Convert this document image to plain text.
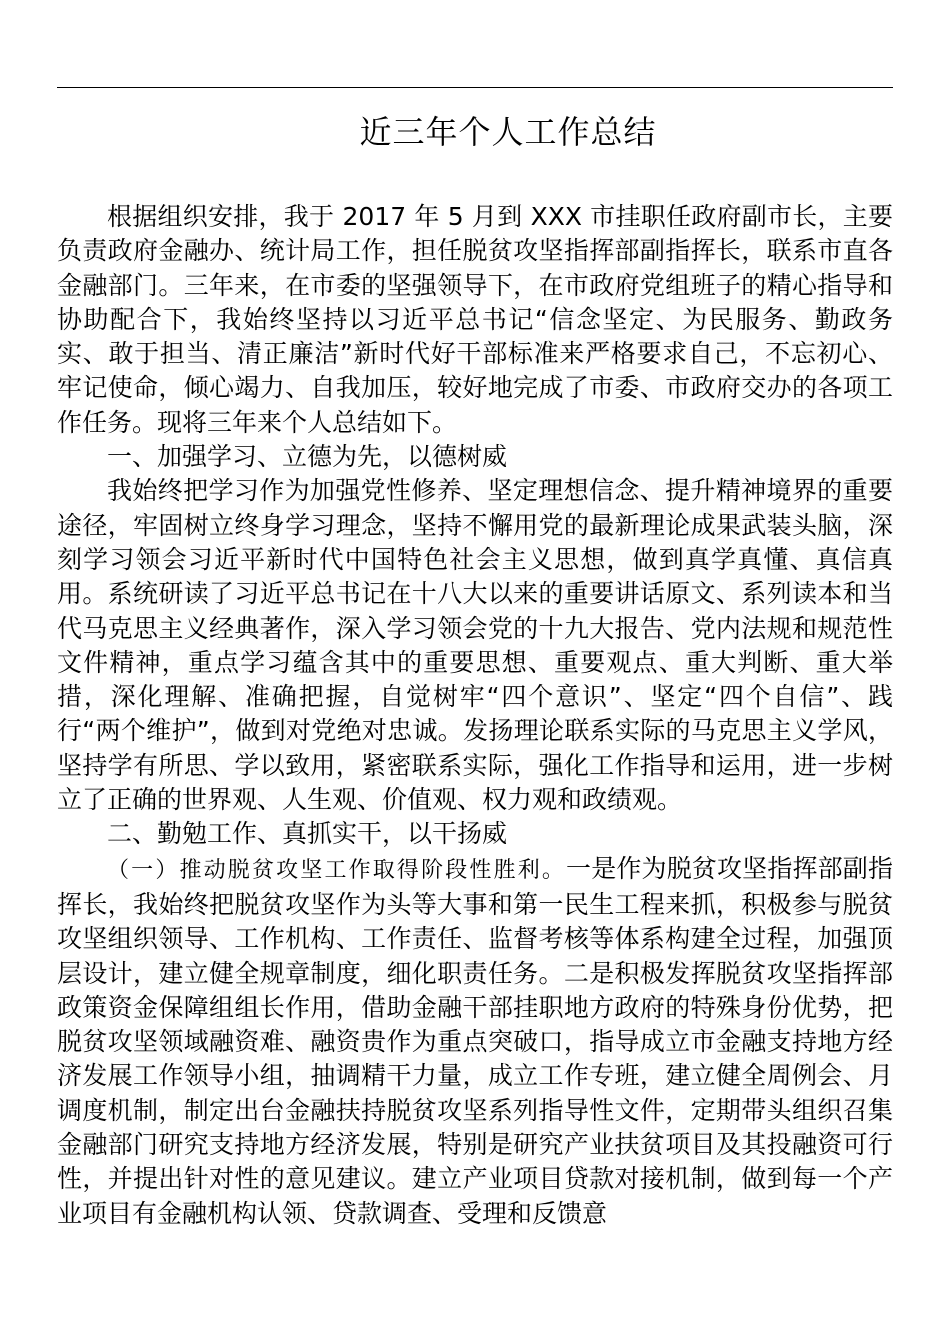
近三年个人工作总结

根据组织安排，我于 2017 年 5 月到 XXX 市挂职任政府副市长，主要负责政府金融办、统计局工作，担任脱贫攻坚指挥部副指挥长，联系市直各金融部门。三年来，在市委的坚强领导下，在市政府党组班子的精心指导和协助配合下，我始终坚持以习近平总书记“信念坚定、为民服务、勤政务实、敢于担当、清正廉洁”新时代好干部标准来严格要求自己，不忘初心、牢记使命，倾心竭力、自我加压，较好地完成了市委、市政府交办的各项工作任务。现将三年来个人总结如下。

一、加强学习、立德为先，以德树威

我始终把学习作为加强党性修养、坚定理想信念、提升精神境界的重要途径，牢固树立终身学习理念，坚持不懈用党的最新理论成果武装头脑，深刻学习领会习近平新时代中国特色社会主义思想，做到真学真懂、真信真用。系统研读了习近平总书记在十八大以来的重要讲话原文、系列读本和当代马克思主义经典著作，深入学习领会党的十九大报告、党内法规和规范性文件精神，重点学习蕴含其中的重要思想、重要观点、重大判断、重大举措，深化理解、准确把握，自觉树牢“四个意识”、坚定“四个自信”、践行“两个维护”，做到对党绝对忠诚。发扬理论联系实际的马克思主义学风，坚持学有所思、学以致用，紧密联系实际，强化工作指导和运用，进一步树立了正确的世界观、人生观、价值观、权力观和政绩观。

二、勤勉工作、真抓实干，以干扬威

（一）推动脱贫攻坚工作取得阶段性胜利。一是作为脱贫攻坚指挥部副指挥长，我始终把脱贫攻坚作为头等大事和第一民生工程来抓，积极参与脱贫攻坚组织领导、工作机构、工作责任、监督考核等体系构建全过程，加强顶层设计，建立健全规章制度，细化职责任务。二是积极发挥脱贫攻坚指挥部政策资金保障组组长作用，借助金融干部挂职地方政府的特殊身份优势，把脱贫攻坚领域融资难、融资贵作为重点突破口，指导成立市金融支持地方经济发展工作领导小组，抽调精干力量，成立工作专班，建立健全周例会、月调度机制，制定出台金融扶持脱贫攻坚系列指导性文件，定期带头组织召集金融部门研究支持地方经济发展，特别是研究产业扶贫项目及其投融资可行性，并提出针对性的意见建议。建立产业项目贷款对接机制，做到每一个产业项目有金融机构认领、贷款调查、受理和反馈意
